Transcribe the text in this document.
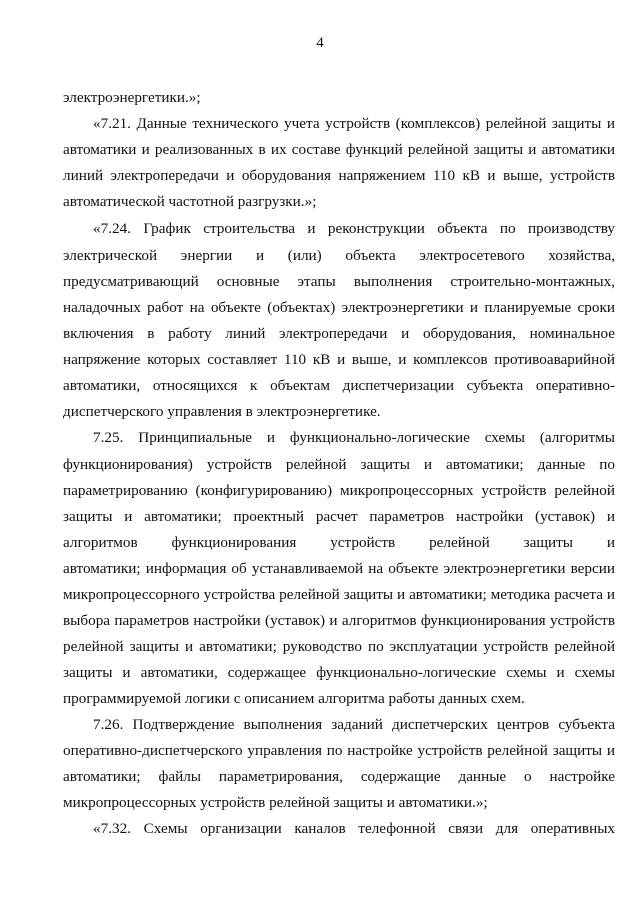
4
электроэнергетики.»;
«7.21. Данные технического учета устройств (комплексов) релейной защиты и
автоматики и реализованных в их составе функций релейной защиты и автоматики
линий электропередачи и оборудования напряжением 110 кВ и выше, устройств
автоматической частотной разгрузки.»;
«7.24. График строительства и реконструкции объекта по производству
электрической энергии и (или) объекта электросетевого хозяйства,
предусматривающий основные этапы выполнения строительно-монтажных,
наладочных работ на объекте (объектах) электроэнергетики и планируемые сроки
включения в работу линий электропередачи и оборудования, номинальное
напряжение которых составляет 110 кВ и выше, и комплексов противоаварийной
автоматики, относящихся к объектам диспетчеризации субъекта оперативно-
диспетчерского управления в электроэнергетике.
7.25. Принципиальные и функционально-логические схемы (алгоритмы
функционирования) устройств релейной защиты и автоматики; данные по
параметрированию (конфигурированию) микропроцессорных устройств релейной
защиты и автоматики; проектный расчет параметров настройки (уставок) и
алгоритмов функционирования устройств релейной защиты и
автоматики; информация об устанавливаемой на объекте электроэнергетики версии
микропроцессорного устройства релейной защиты и автоматики; методика расчета и
выбора параметров настройки (уставок) и алгоритмов функционирования устройств
релейной защиты и автоматики; руководство по эксплуатации устройств релейной
защиты и автоматики, содержащее функционально-логические схемы и схемы
программируемой логики с описанием алгоритма работы данных схем.
7.26. Подтверждение выполнения заданий диспетчерских центров субъекта
оперативно-диспетчерского управления по настройке устройств релейной защиты и
автоматики; файлы параметрирования, содержащие данные о настройке
микропроцессорных устройств релейной защиты и автоматики.»;
«7.32. Схемы организации каналов телефонной связи для оперативных
